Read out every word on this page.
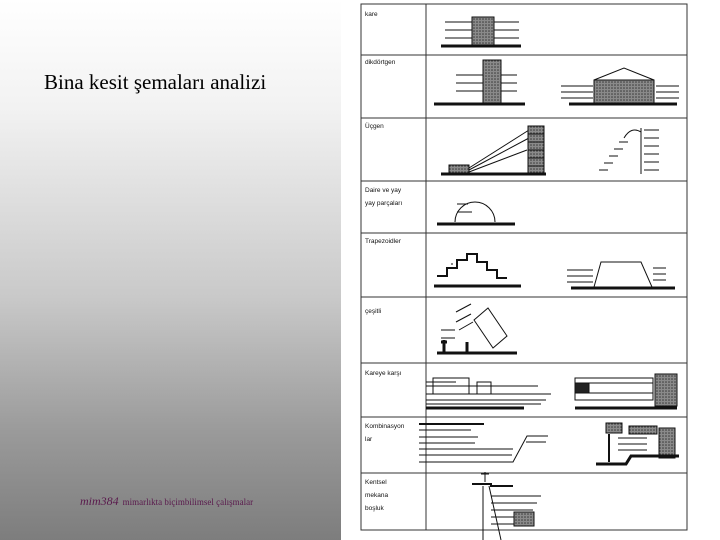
Bina kesit şemaları analizi
mim384 mimarlıkta biçimbilimsel çalışmalar
kare
dikdörtgen
Üçgen
Daire ve yay yay parçaları
Trapezoidler
çeşitli
Kareye karşı
Kombinasyon lar
Kentsel mekana boşluk
